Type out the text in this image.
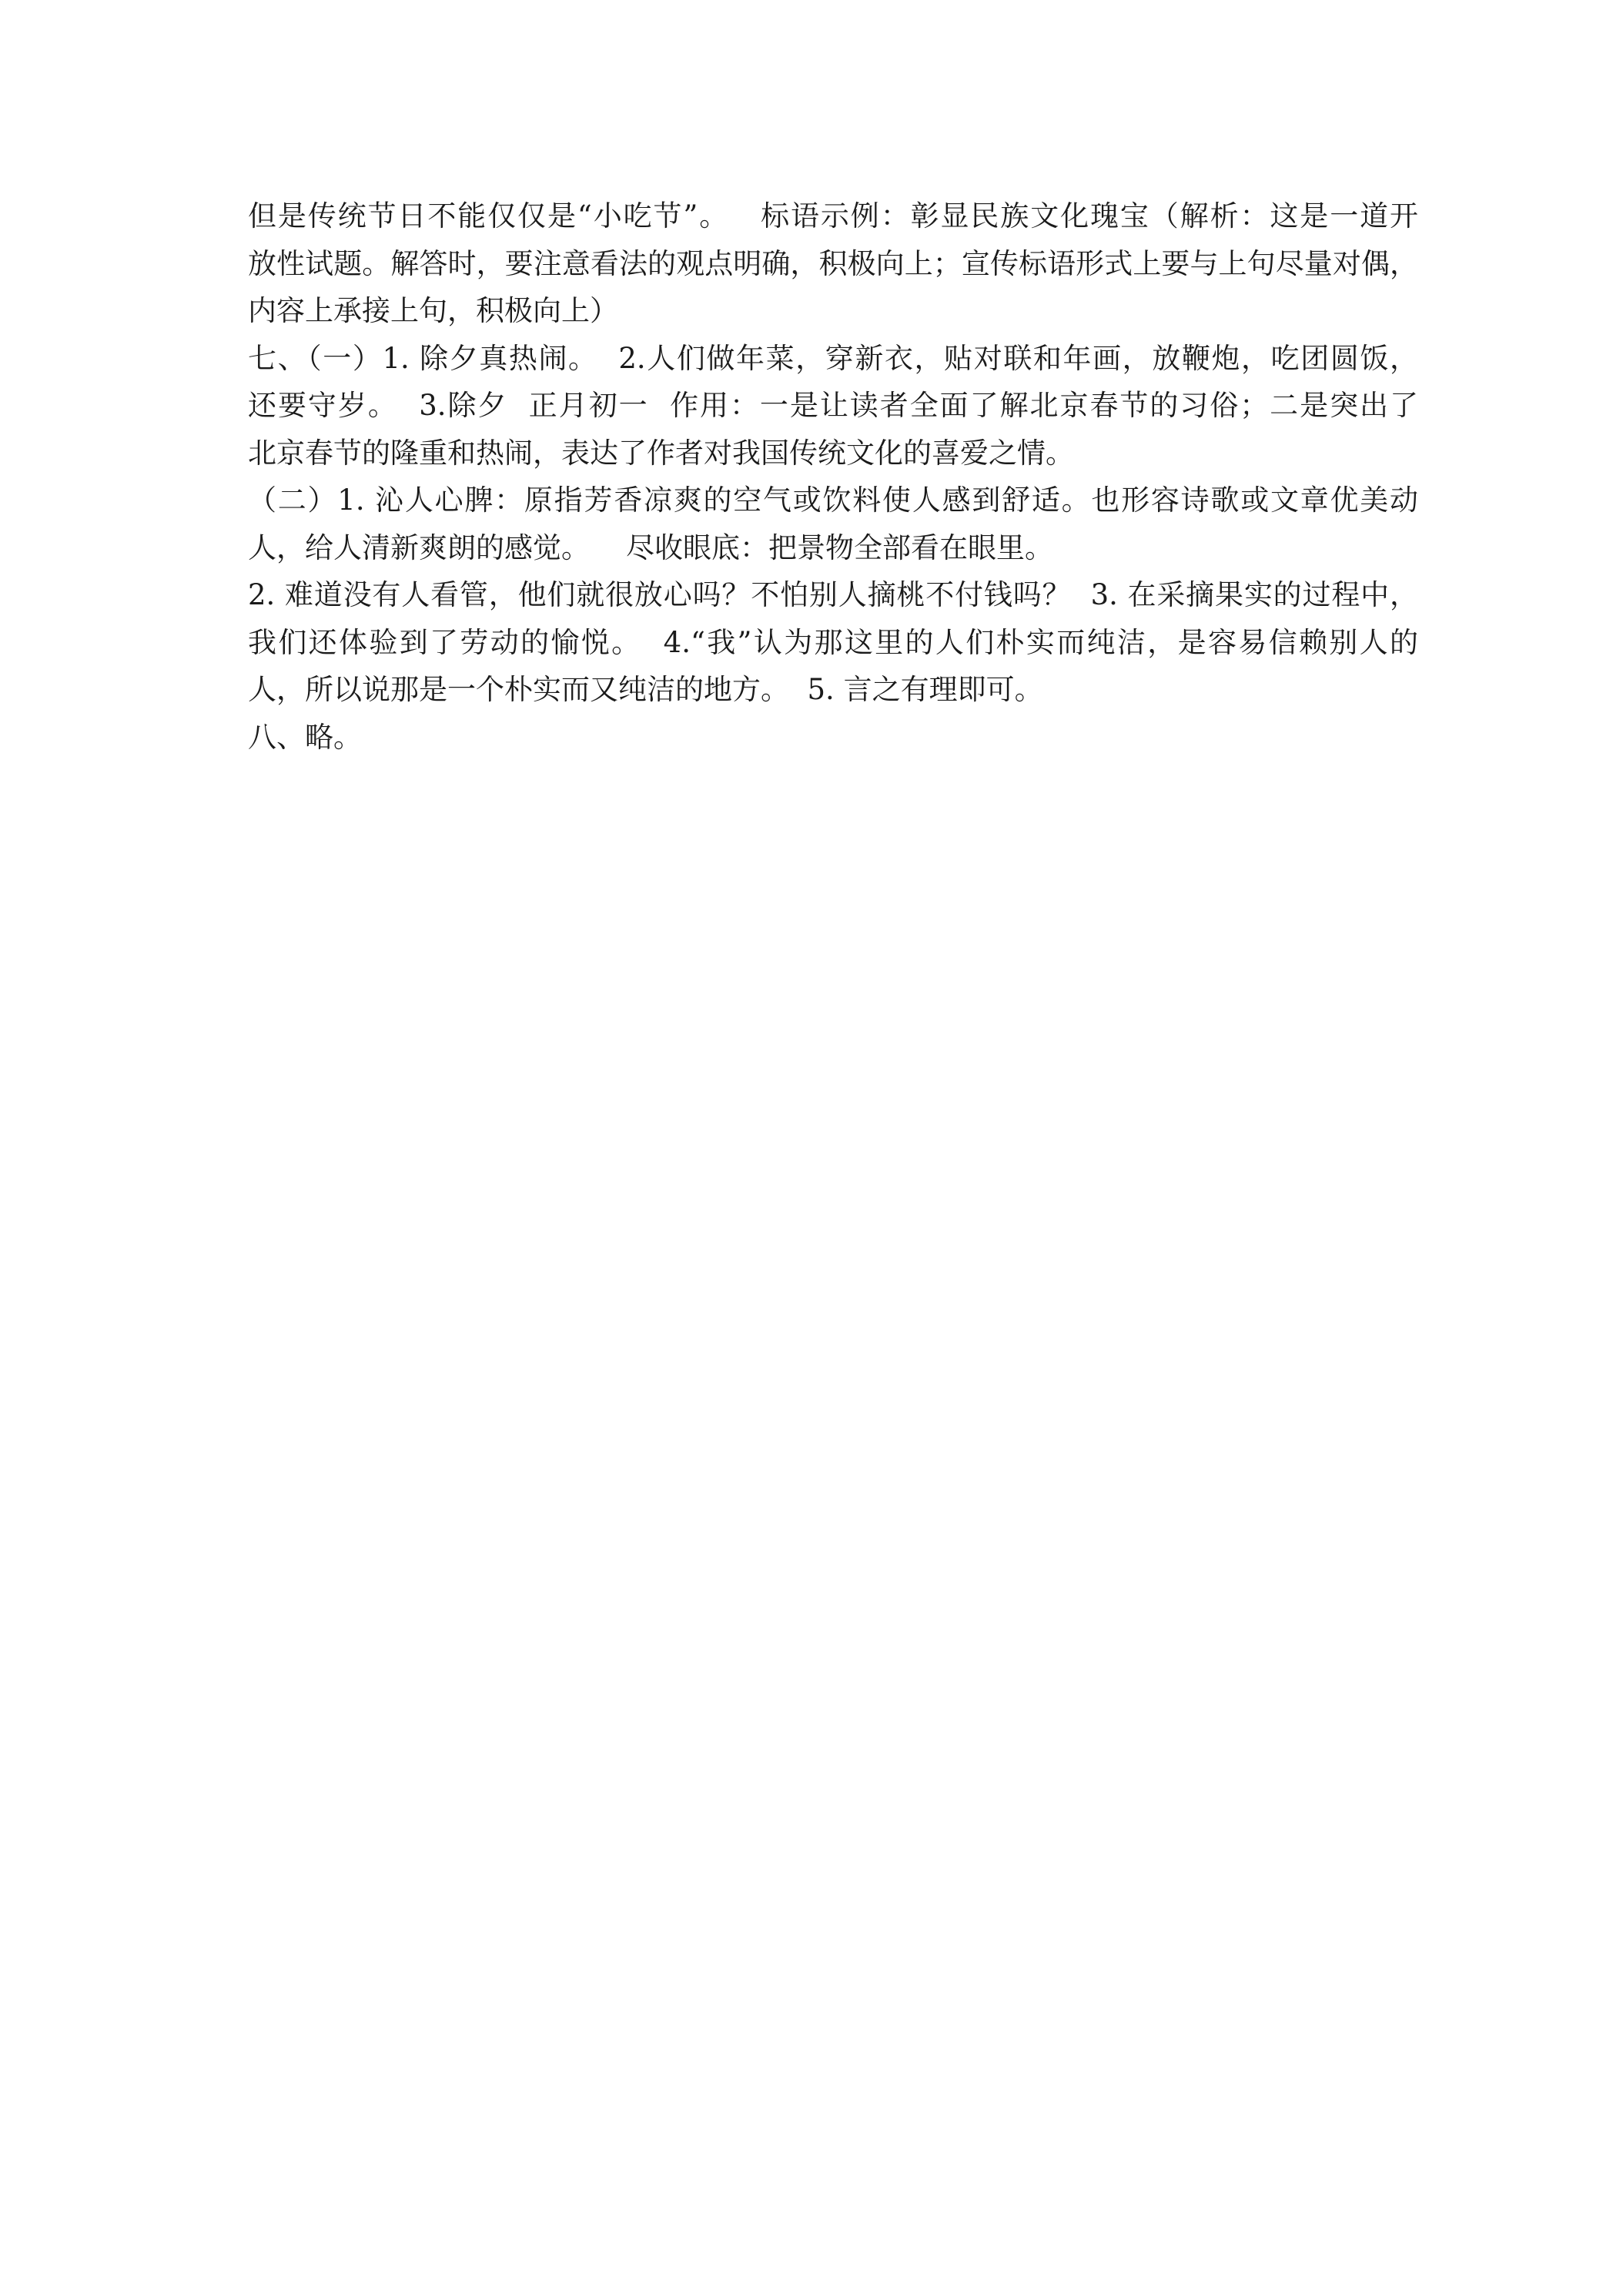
但是传统节日不能仅仅是“小吃节”。   标语示例：彰显民族文化瑰宝（解析：这是一道开
放性试题。解答时，要注意看法的观点明确，积极向上；宣传标语形式上要与上句尽量对偶，
内容上承接上句，积极向上）
七、（一）1. 除夕真热闹。  2.人们做年菜，穿新衣，贴对联和年画，放鞭炮，吃团圆饭，
还要守岁。  3.除夕  正月初一  作用：一是让读者全面了解北京春节的习俗；二是突出了
北京春节的隆重和热闹，表达了作者对我国传统文化的喜爱之情。
（二）1. 沁人心脾：原指芳香凉爽的空气或饮料使人感到舒适。也形容诗歌或文章优美动
人，给人清新爽朗的感觉。    尽收眼底：把景物全部看在眼里。
2. 难道没有人看管，他们就很放心吗？不怕别人摘桃不付钱吗？  3. 在采摘果实的过程中，
我们还体验到了劳动的愉悦。  4.“我”认为那这里的人们朴实而纯洁，是容易信赖别人的
人，所以说那是一个朴实而又纯洁的地方。  5. 言之有理即可。
八、略。
